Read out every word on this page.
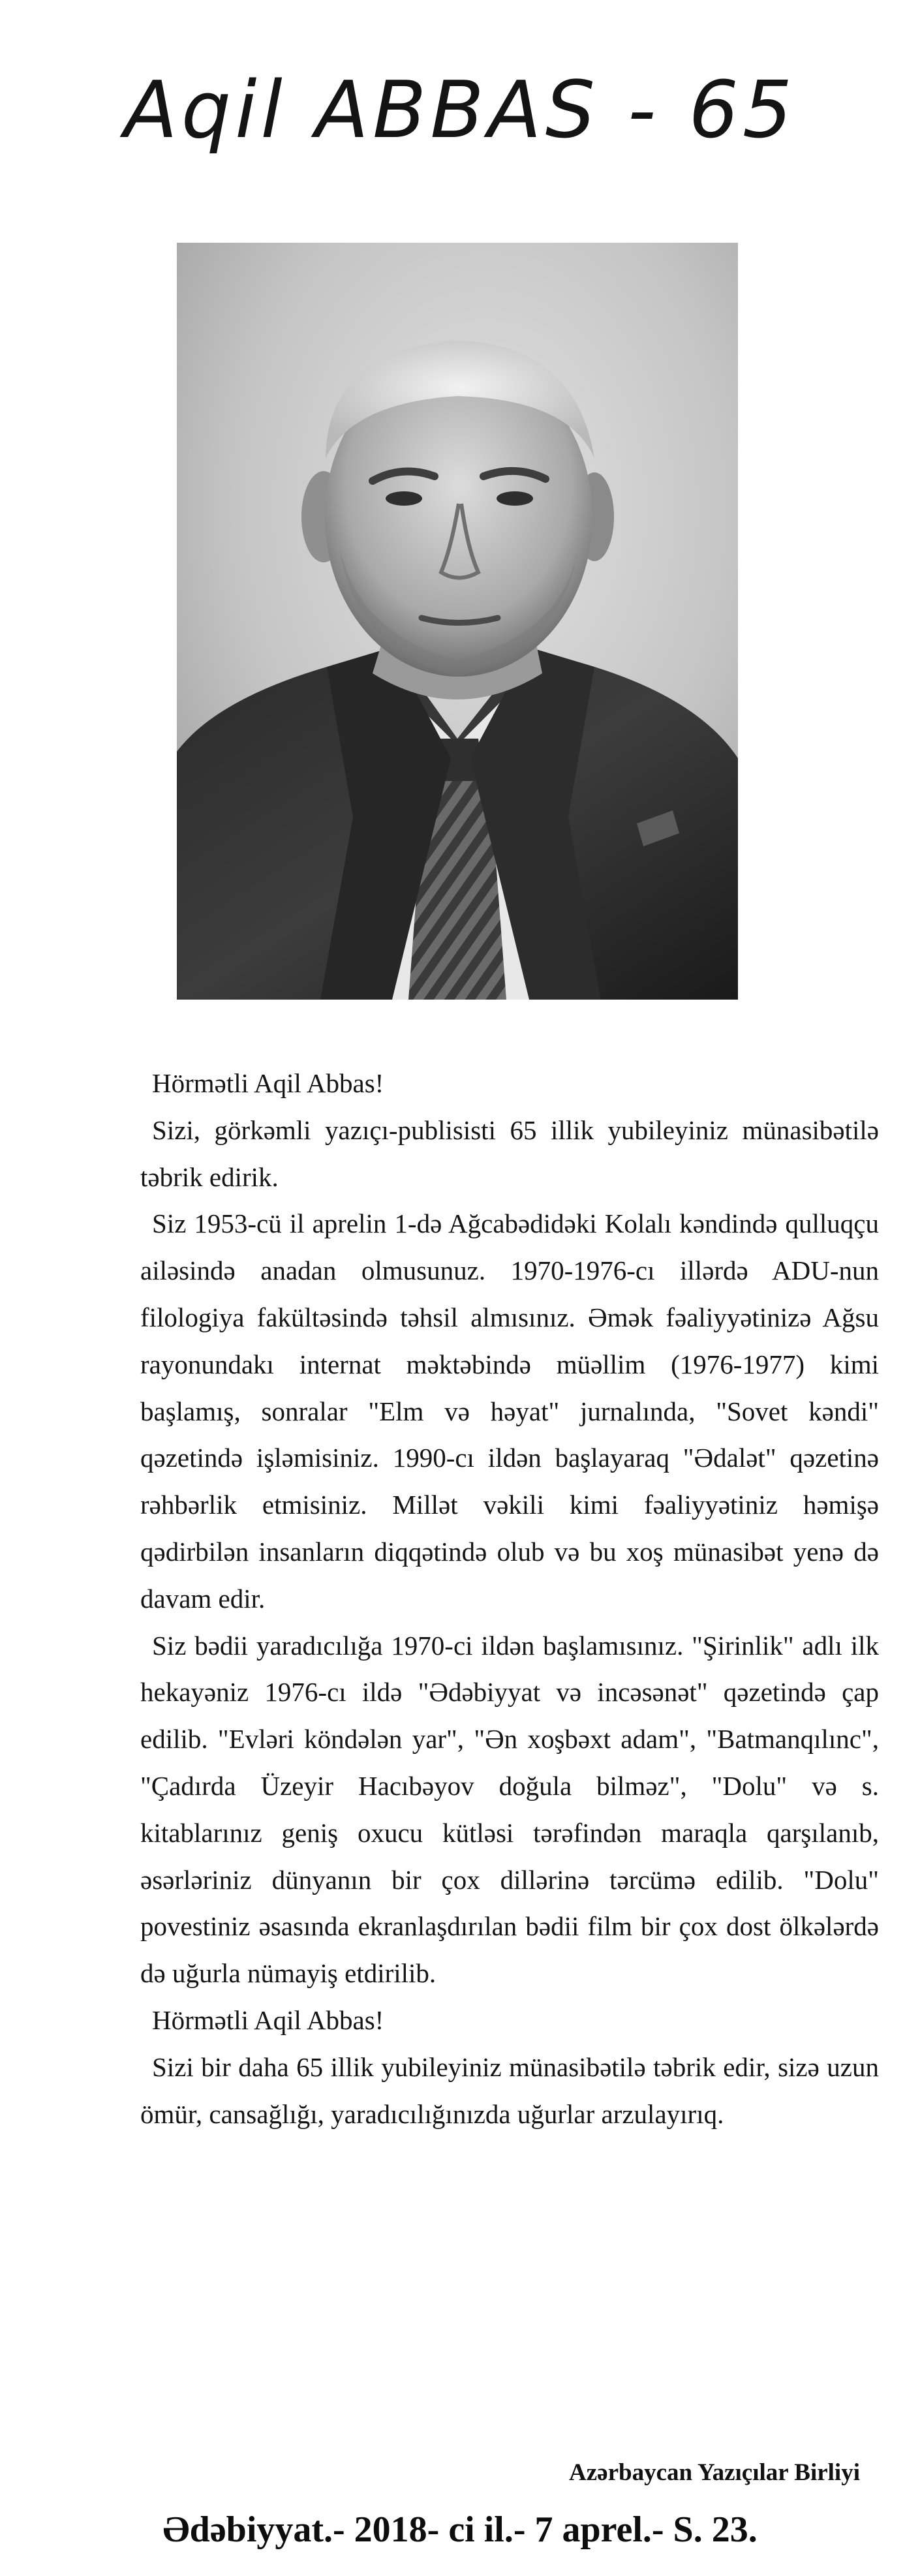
Aqil ABBAS - 65

Hörmətli Aqil Abbas!

Sizi, görkəmli yazıçı-publisisti 65 illik yubileyiniz münasibətilə təbrik edirik.

Siz 1953-cü il aprelin 1-də Ağcabədidəki Kolalı kəndində qulluqçu ailəsində anadan olmusunuz. 1970-1976-cı illərdə ADU-nun filologiya fakültəsində təhsil almısınız. Əmək fəaliyyətinizə Ağsu rayonundakı internat məktəbində müəllim (1976-1977) kimi başlamış, sonralar "Elm və həyat" jurnalında, "Sovet kəndi" qəzetində işləmisiniz. 1990-cı ildən başlayaraq "Ədalət" qəzetinə rəhbərlik etmisiniz. Millət vəkili kimi fəaliyyətiniz həmişə qədirbilən insanların diqqətində olub və bu xoş münasibət yenə də davam edir.

Siz bədii yaradıcılığa 1970-ci ildən başlamısınız. "Şirinlik" adlı ilk hekayəniz 1976-cı ildə "Ədəbiyyat və incəsənət" qəzetində çap edilib. "Evləri köndələn yar", "Ən xoşbəxt adam", "Batmanqılınc", "Çadırda Üzeyir Hacıbəyov doğula bilməz", "Dolu" və s. kitablarınız geniş oxucu kütləsi tərəfindən maraqla qarşılanıb, əsərləriniz dünyanın bir çox dillərinə tərcümə edilib. "Dolu" povestiniz əsasında ekranlaşdırılan bədii film bir çox dost ölkələrdə də uğurla nümayiş etdirilib.

Hörmətli Aqil Abbas!

Sizi bir daha 65 illik yubileyiniz münasibətilə təbrik edir, sizə uzun ömür, cansağlığı, yaradıcılığınızda uğurlar arzulayırıq.

Azərbaycan Yazıçılar Birliyi
Ədəbiyyat.- 2018- ci il.- 7 aprel.- S. 23.
